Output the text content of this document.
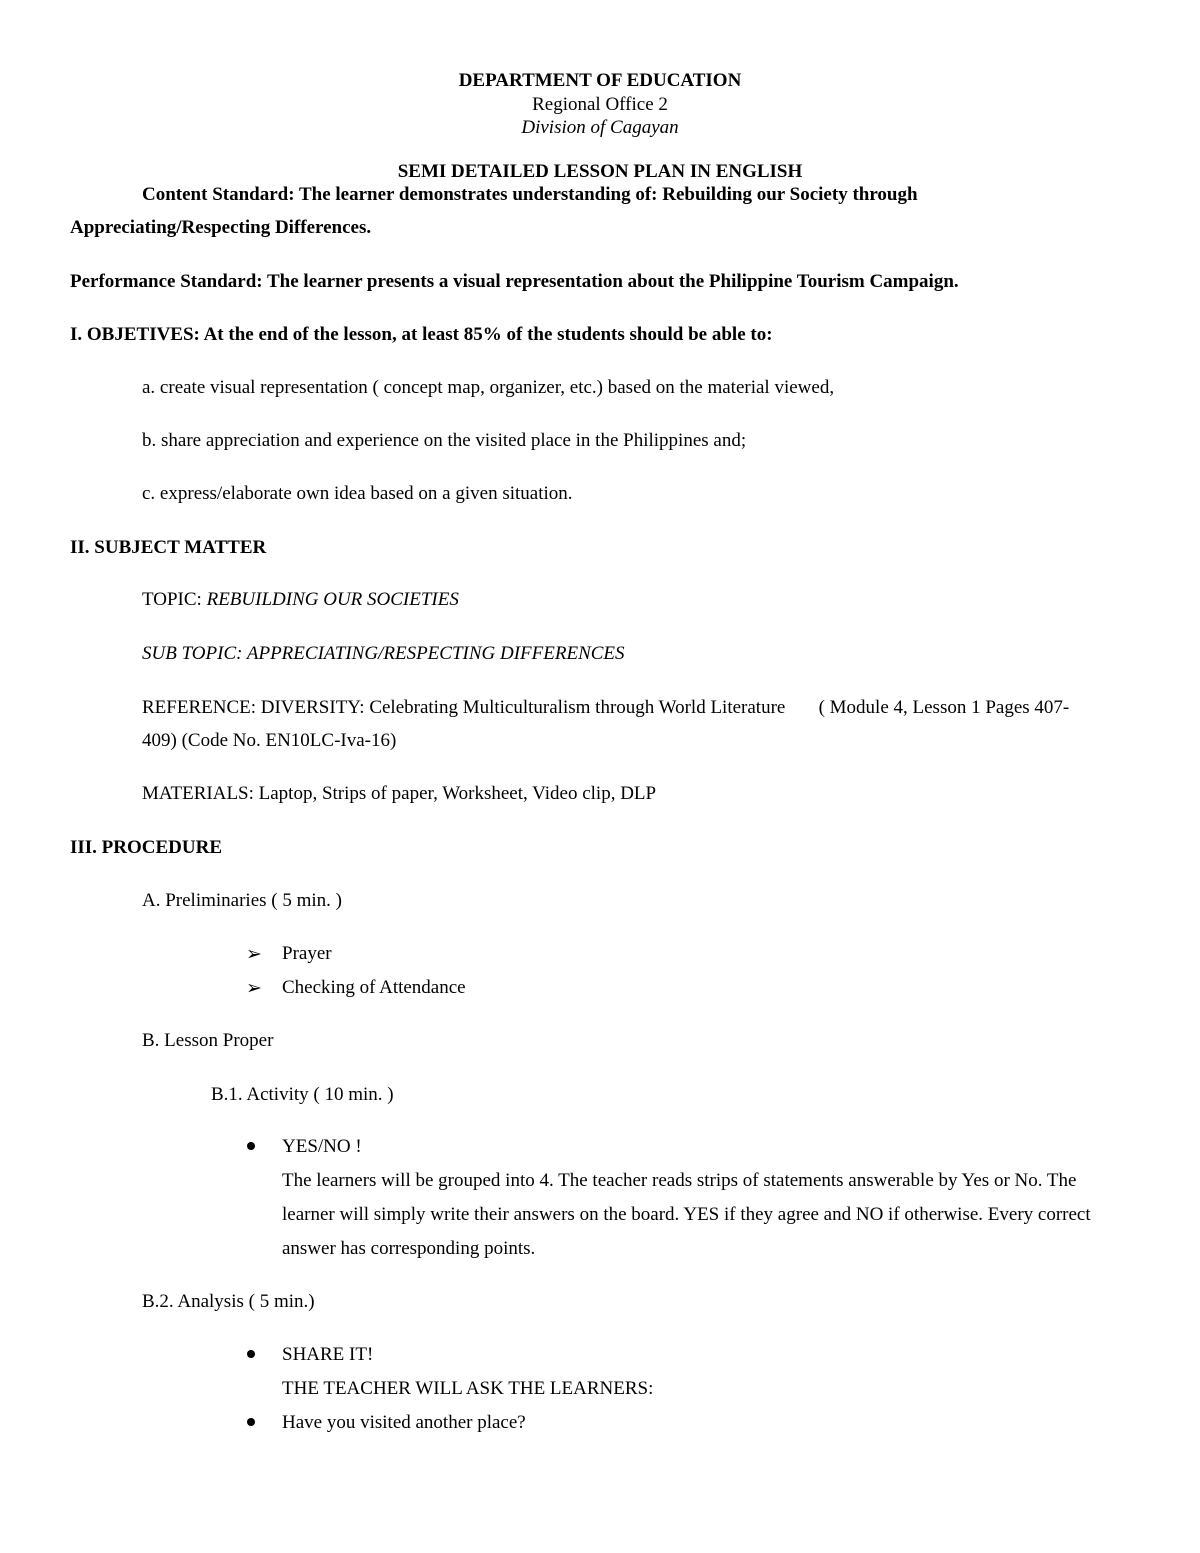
DEPARTMENT OF EDUCATION
Regional Office 2
Division of Cagayan
SEMI DETAILED LESSON PLAN IN ENGLISH
Content Standard: The learner demonstrates understanding of: Rebuilding our Society through
Appreciating/Respecting Differences.
Performance Standard: The learner presents a visual representation about the Philippine Tourism Campaign.
I. OBJETIVES: At the end of the lesson, at least 85% of the students should be able to:
a. create visual representation ( concept map, organizer, etc.) based on the material viewed,
b. share appreciation and experience on the visited place in the Philippines and;
c. express/elaborate own idea based on a given situation.
II. SUBJECT MATTER
TOPIC: REBUILDING OUR SOCIETIES
SUB TOPIC: APPRECIATING/RESPECTING DIFFERENCES
REFERENCE: DIVERSITY: Celebrating Multiculturalism through World Literature       ( Module 4, Lesson 1 Pages 407-
409) (Code No. EN10LC-Iva-16)
MATERIALS: Laptop, Strips of paper, Worksheet, Video clip, DLP
III. PROCEDURE
A. Preliminaries ( 5 min. )
➢ Prayer
➢ Checking of Attendance
B. Lesson Proper
B.1. Activity ( 10 min. )
YES/NO !
The learners will be grouped into 4. The teacher reads strips of statements answerable by Yes or No. The
learner will simply write their answers on the board. YES if they agree and NO if otherwise. Every correct
answer has corresponding points.
B.2. Analysis ( 5 min.)
SHARE IT!
THE TEACHER WILL ASK THE LEARNERS:
Have you visited another place?
